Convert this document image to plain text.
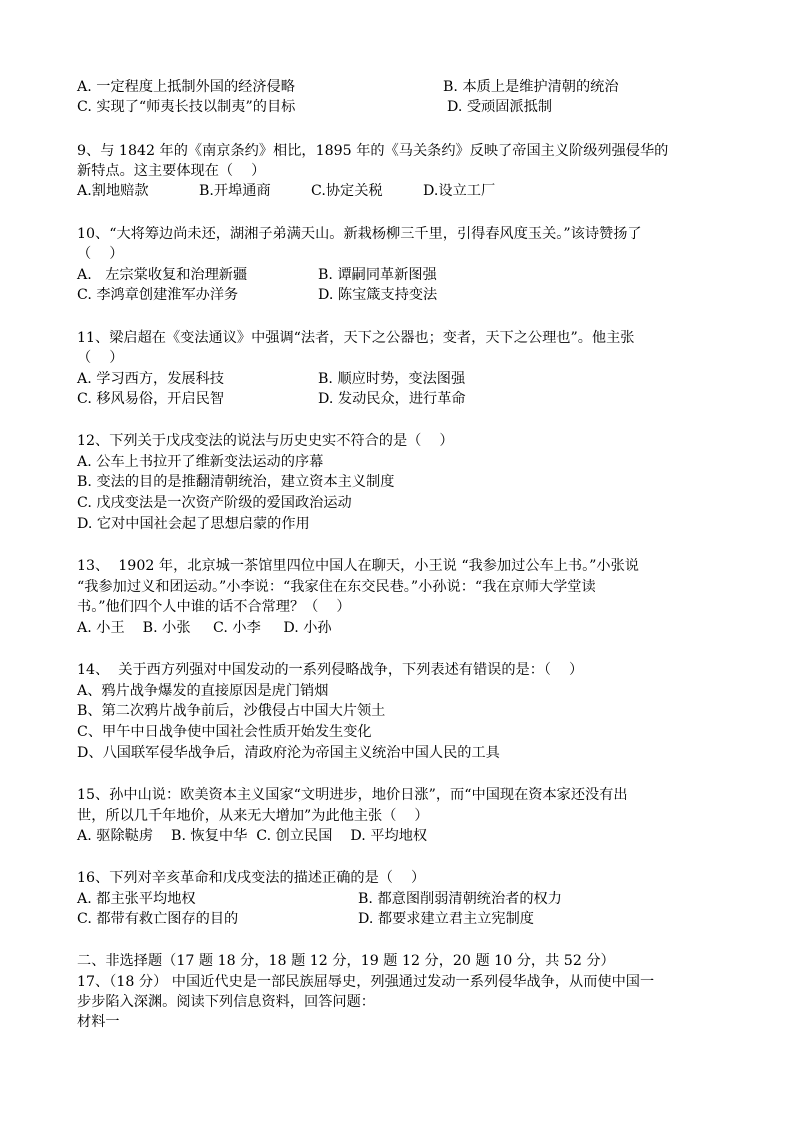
A. 一定程度上抵制外国的经济侵略	B. 本质上是维护清朝的统治
C. 实现了“师夷长技以制夷”的目标	D. 受顽固派抵制
9、与 1842 年的《南京条约》相比，1895 年的《马关条约》反映了帝国主义阶级列强侵华的
新特点。这主要体现在（    ）
A.割地赔款	B.开埠通商	C.协定关税	D.设立工厂
10、“大将筹边尚未还，湖湘子弟满天山。新栽杨柳三千里，引得春风度玉关。”该诗赞扬了
（    ）
A.   左宗棠收复和治理新疆	B. 谭嗣同革新图强
C. 李鸿章创建淮军办洋务	D. 陈宝箴支持变法
11、梁启超在《变法通议》中强调“法者，天下之公器也；变者，天下之公理也”。他主张
（    ）
A. 学习西方，发展科技	B. 顺应时势，变法图强
C. 移风易俗，开启民智	D. 发动民众，进行革命
12、下列关于戊戌变法的说法与历史史实不符合的是（    ）
A. 公车上书拉开了维新变法运动的序幕
B. 变法的目的是推翻清朝统治，建立资本主义制度
C. 戊戌变法是一次资产阶级的爱国政治运动
D. 它对中国社会起了思想启蒙的作用
13、  1902 年，北京城一茶馆里四位中国人在聊天，小王说 “我参加过公车上书。”小张说
“我参加过义和团运动。”小李说：“我家住在东交民巷。”小孙说：“我在京师大学堂读
书。”他们四个人中谁的话不合常理？（    ）
A. 小王    B. 小张     C. 小李     D. 小孙
14、  关于西方列强对中国发动的一系列侵略战争，下列表述有错误的是：（    ）
A、鸦片战争爆发的直接原因是虎门销烟
B、第二次鸦片战争前后，沙俄侵占中国大片领土
C、甲午中日战争使中国社会性质开始发生变化
D、八国联军侵华战争后，清政府沦为帝国主义统治中国人民的工具
15、孙中山说：欧美资本主义国家“文明进步，地价日涨”，而“中国现在资本家还没有出
世，所以几千年地价，从来无大增加”为此他主张（    ）
A. 驱除鞑虏    B. 恢复中华  C. 创立民国    D. 平均地权
16、下列对辛亥革命和戊戌变法的描述正确的是（    ）
A. 都主张平均地权	B. 都意图削弱清朝统治者的权力
C. 都带有救亡图存的目的	D. 都要求建立君主立宪制度
二、非选择题（17 题 18 分，18 题 12 分，19 题 12 分，20 题 10 分，共 52 分）
17、（18 分） 中国近代史是一部民族屈辱史，列强通过发动一系列侵华战争，从而使中国一
步步陷入深渊。阅读下列信息资料，回答问题：
材料一
